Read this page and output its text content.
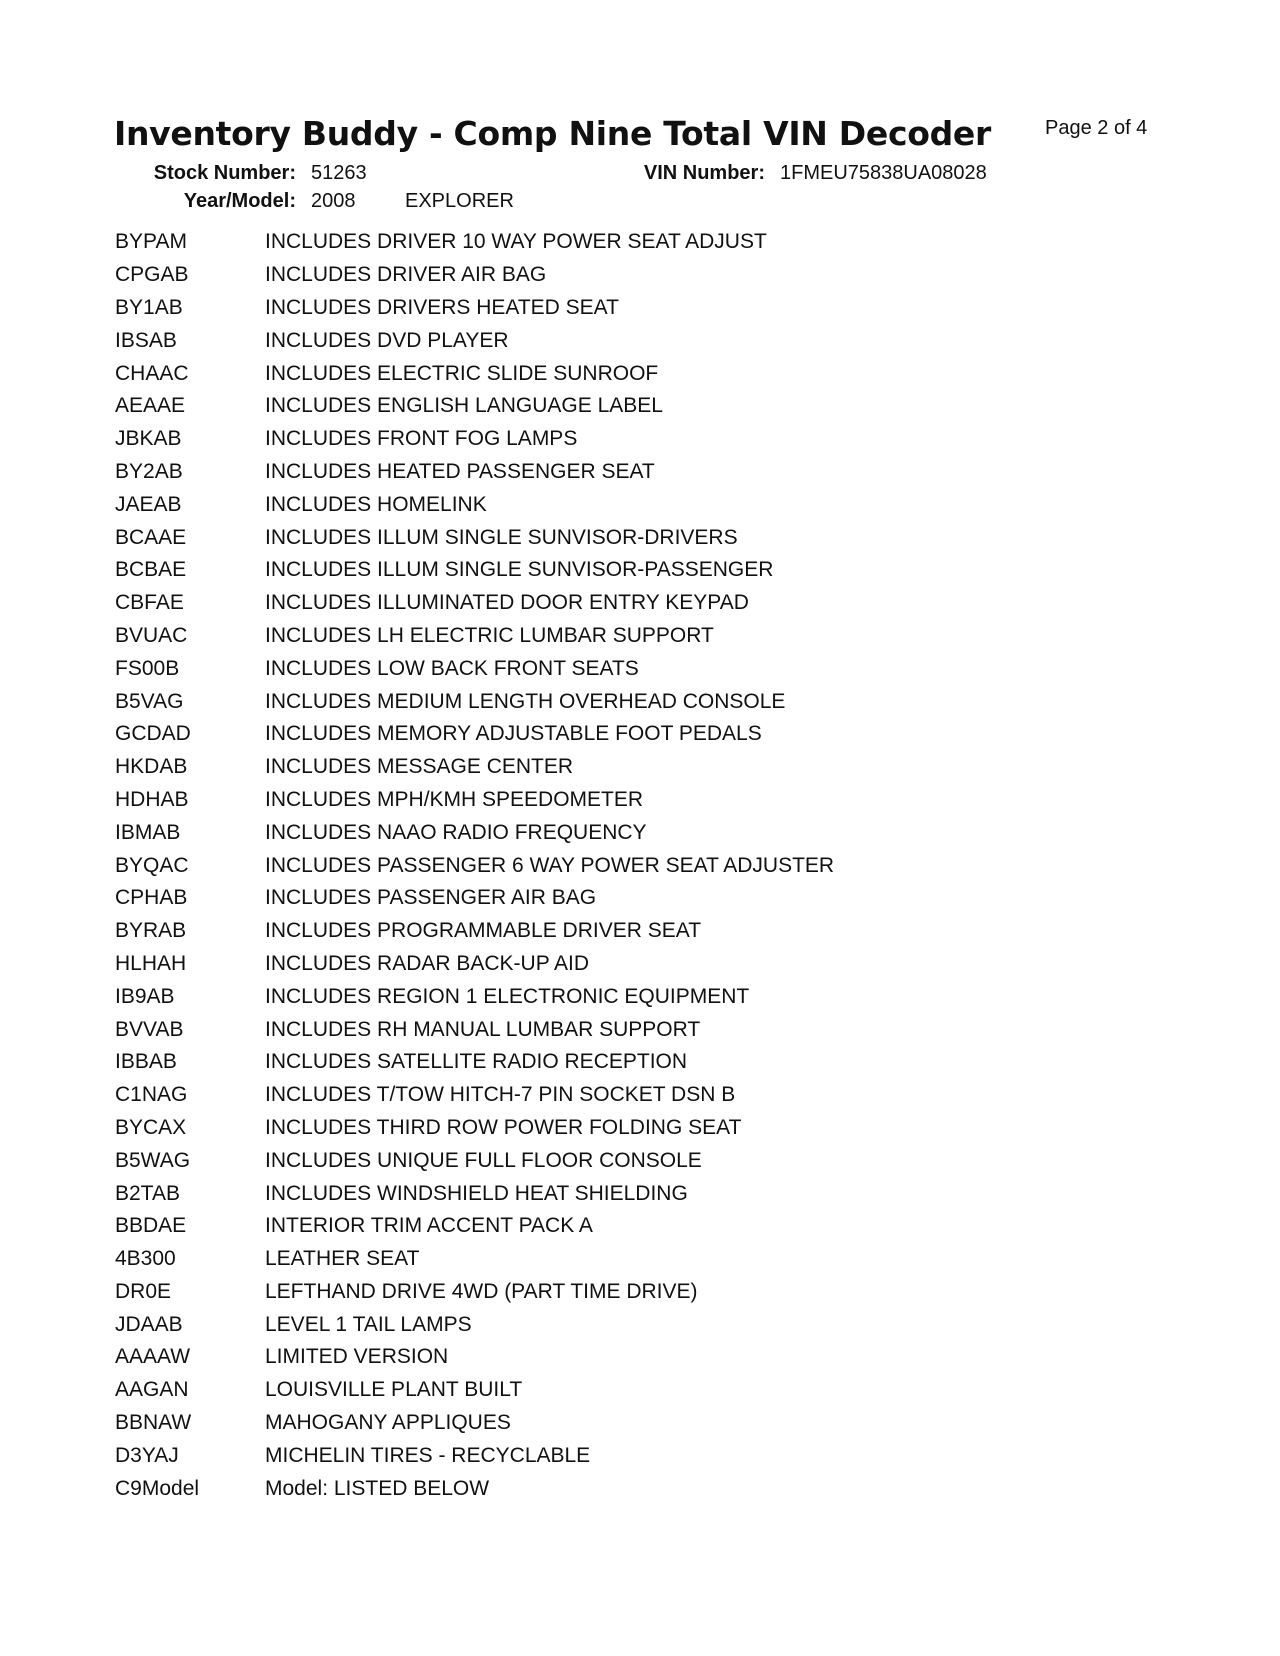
Inventory Buddy - Comp Nine Total VIN Decoder	Page 2 of 4
Stock Number: 51263	VIN Number: 1FMEU75838UA08028
Year/Model: 2008 EXPLORER
BYPAM	INCLUDES DRIVER 10 WAY POWER SEAT ADJUST
CPGAB	INCLUDES DRIVER AIR BAG
BY1AB	INCLUDES DRIVERS HEATED SEAT
IBSAB	INCLUDES DVD PLAYER
CHAAC	INCLUDES ELECTRIC SLIDE SUNROOF
AEAAE	INCLUDES ENGLISH LANGUAGE LABEL
JBKAB	INCLUDES FRONT FOG LAMPS
BY2AB	INCLUDES HEATED PASSENGER SEAT
JAEAB	INCLUDES HOMELINK
BCAAE	INCLUDES ILLUM SINGLE SUNVISOR-DRIVERS
BCBAE	INCLUDES ILLUM SINGLE SUNVISOR-PASSENGER
CBFAE	INCLUDES ILLUMINATED DOOR ENTRY KEYPAD
BVUAC	INCLUDES LH ELECTRIC LUMBAR SUPPORT
FS00B	INCLUDES LOW BACK FRONT SEATS
B5VAG	INCLUDES MEDIUM LENGTH OVERHEAD CONSOLE
GCDAD	INCLUDES MEMORY ADJUSTABLE FOOT PEDALS
HKDAB	INCLUDES MESSAGE CENTER
HDHAB	INCLUDES MPH/KMH SPEEDOMETER
IBMAB	INCLUDES NAAO RADIO FREQUENCY
BYQAC	INCLUDES PASSENGER 6 WAY POWER SEAT ADJUSTER
CPHAB	INCLUDES PASSENGER AIR BAG
BYRAB	INCLUDES PROGRAMMABLE DRIVER SEAT
HLHAH	INCLUDES RADAR BACK-UP AID
IB9AB	INCLUDES REGION 1 ELECTRONIC EQUIPMENT
BVVAB	INCLUDES RH MANUAL LUMBAR SUPPORT
IBBAB	INCLUDES SATELLITE RADIO RECEPTION
C1NAG	INCLUDES T/TOW HITCH-7 PIN SOCKET DSN B
BYCAX	INCLUDES THIRD ROW POWER FOLDING SEAT
B5WAG	INCLUDES UNIQUE FULL FLOOR CONSOLE
B2TAB	INCLUDES WINDSHIELD HEAT SHIELDING
BBDAE	INTERIOR TRIM ACCENT PACK A
4B300	LEATHER SEAT
DR0E	LEFTHAND DRIVE 4WD (PART TIME DRIVE)
JDAAB	LEVEL 1 TAIL LAMPS
AAAAW	LIMITED VERSION
AAGAN	LOUISVILLE PLANT BUILT
BBNAW	MAHOGANY APPLIQUES
D3YAJ	MICHELIN TIRES - RECYCLABLE
C9Model	Model: LISTED BELOW
